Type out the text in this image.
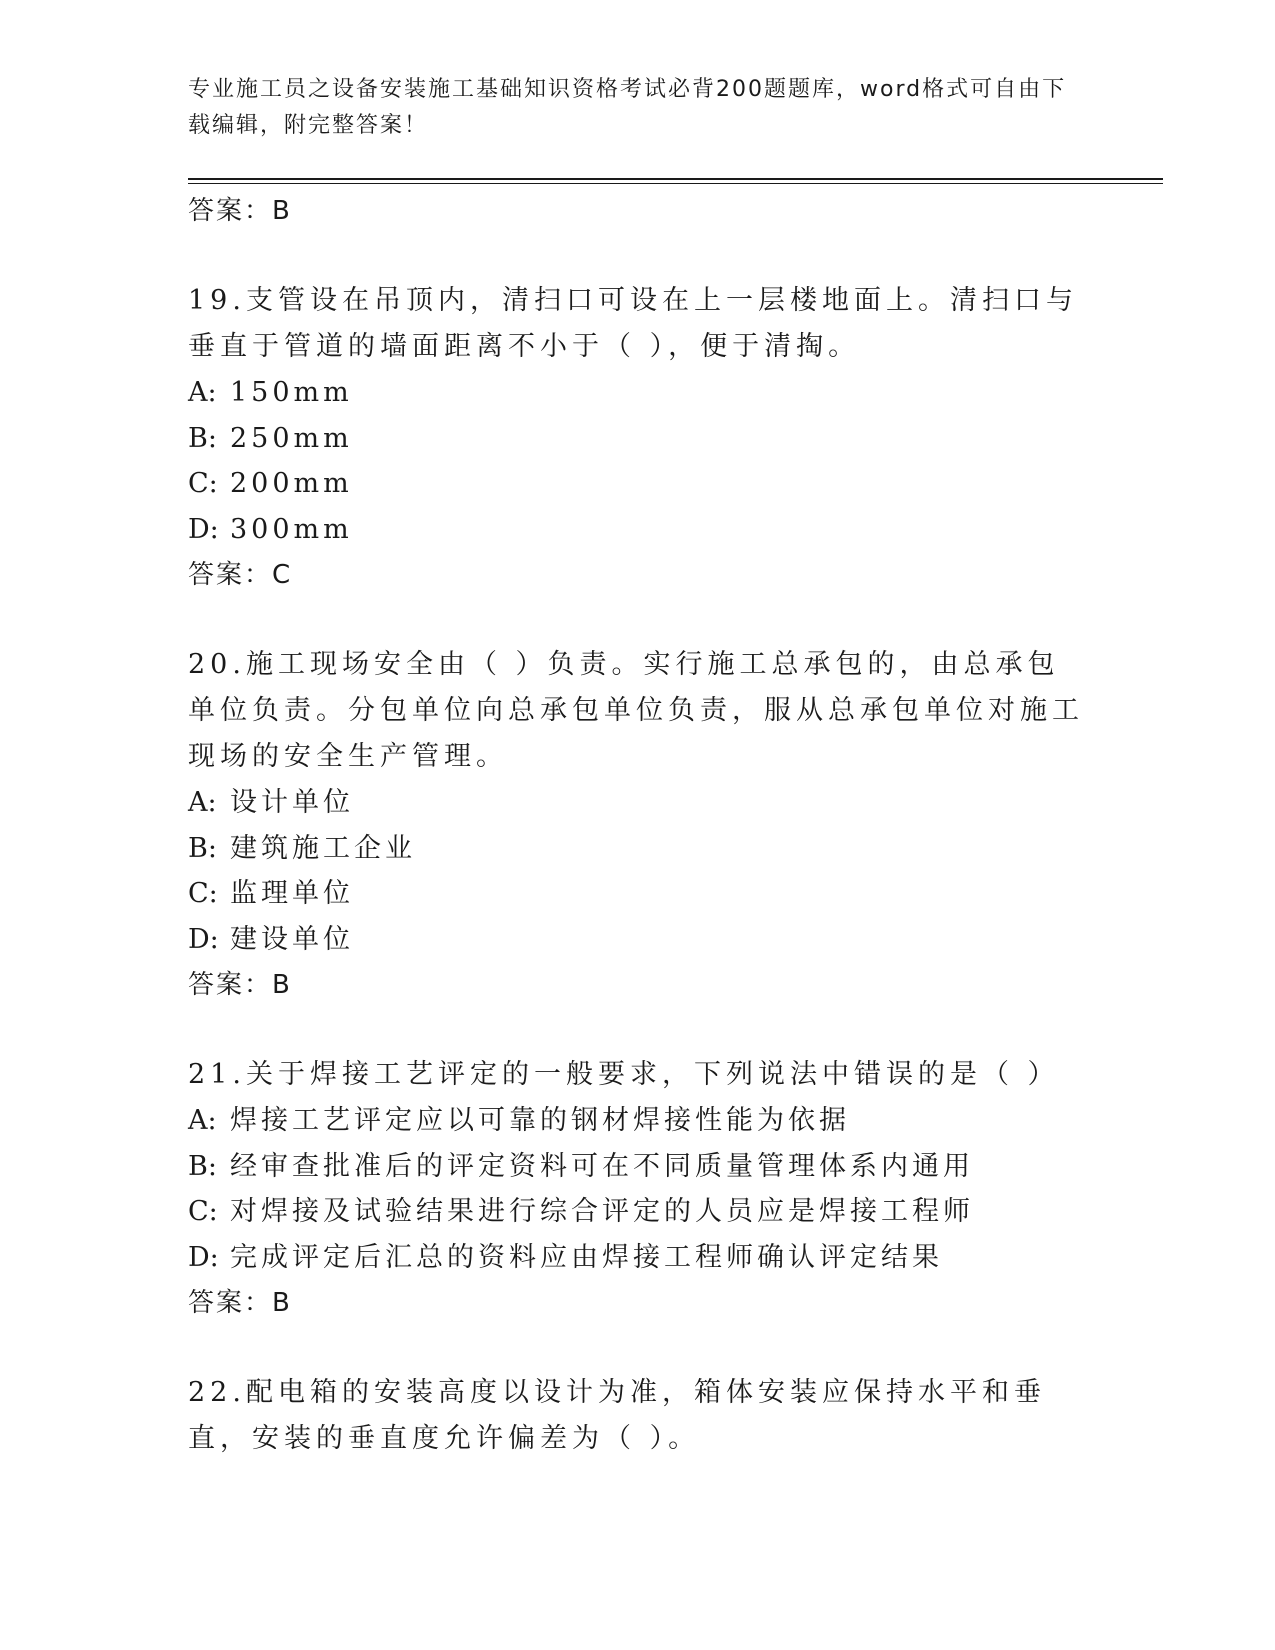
专业施工员之设备安装施工基础知识资格考试必背200题题库，word格式可自由下载编辑，附完整答案！
答案：B
19.支管设在吊顶内，清扫口可设在上一层楼地面上。清扫口与垂直于管道的墙面距离不小于（ ），便于清掏。
A: 150mm
B: 250mm
C: 200mm
D: 300mm
答案：C
20.施工现场安全由（ ）负责。实行施工总承包的，由总承包单位负责。分包单位向总承包单位负责，服从总承包单位对施工现场的安全生产管理。
A: 设计单位
B: 建筑施工企业
C: 监理单位
D: 建设单位
答案：B
21.关于焊接工艺评定的一般要求，下列说法中错误的是（ ）
A: 焊接工艺评定应以可靠的钢材焊接性能为依据
B: 经审查批准后的评定资料可在不同质量管理体系内通用
C: 对焊接及试验结果进行综合评定的人员应是焊接工程师
D: 完成评定后汇总的资料应由焊接工程师确认评定结果
答案：B
22.配电箱的安装高度以设计为准，箱体安装应保持水平和垂直，安装的垂直度允许偏差为（ ）。
